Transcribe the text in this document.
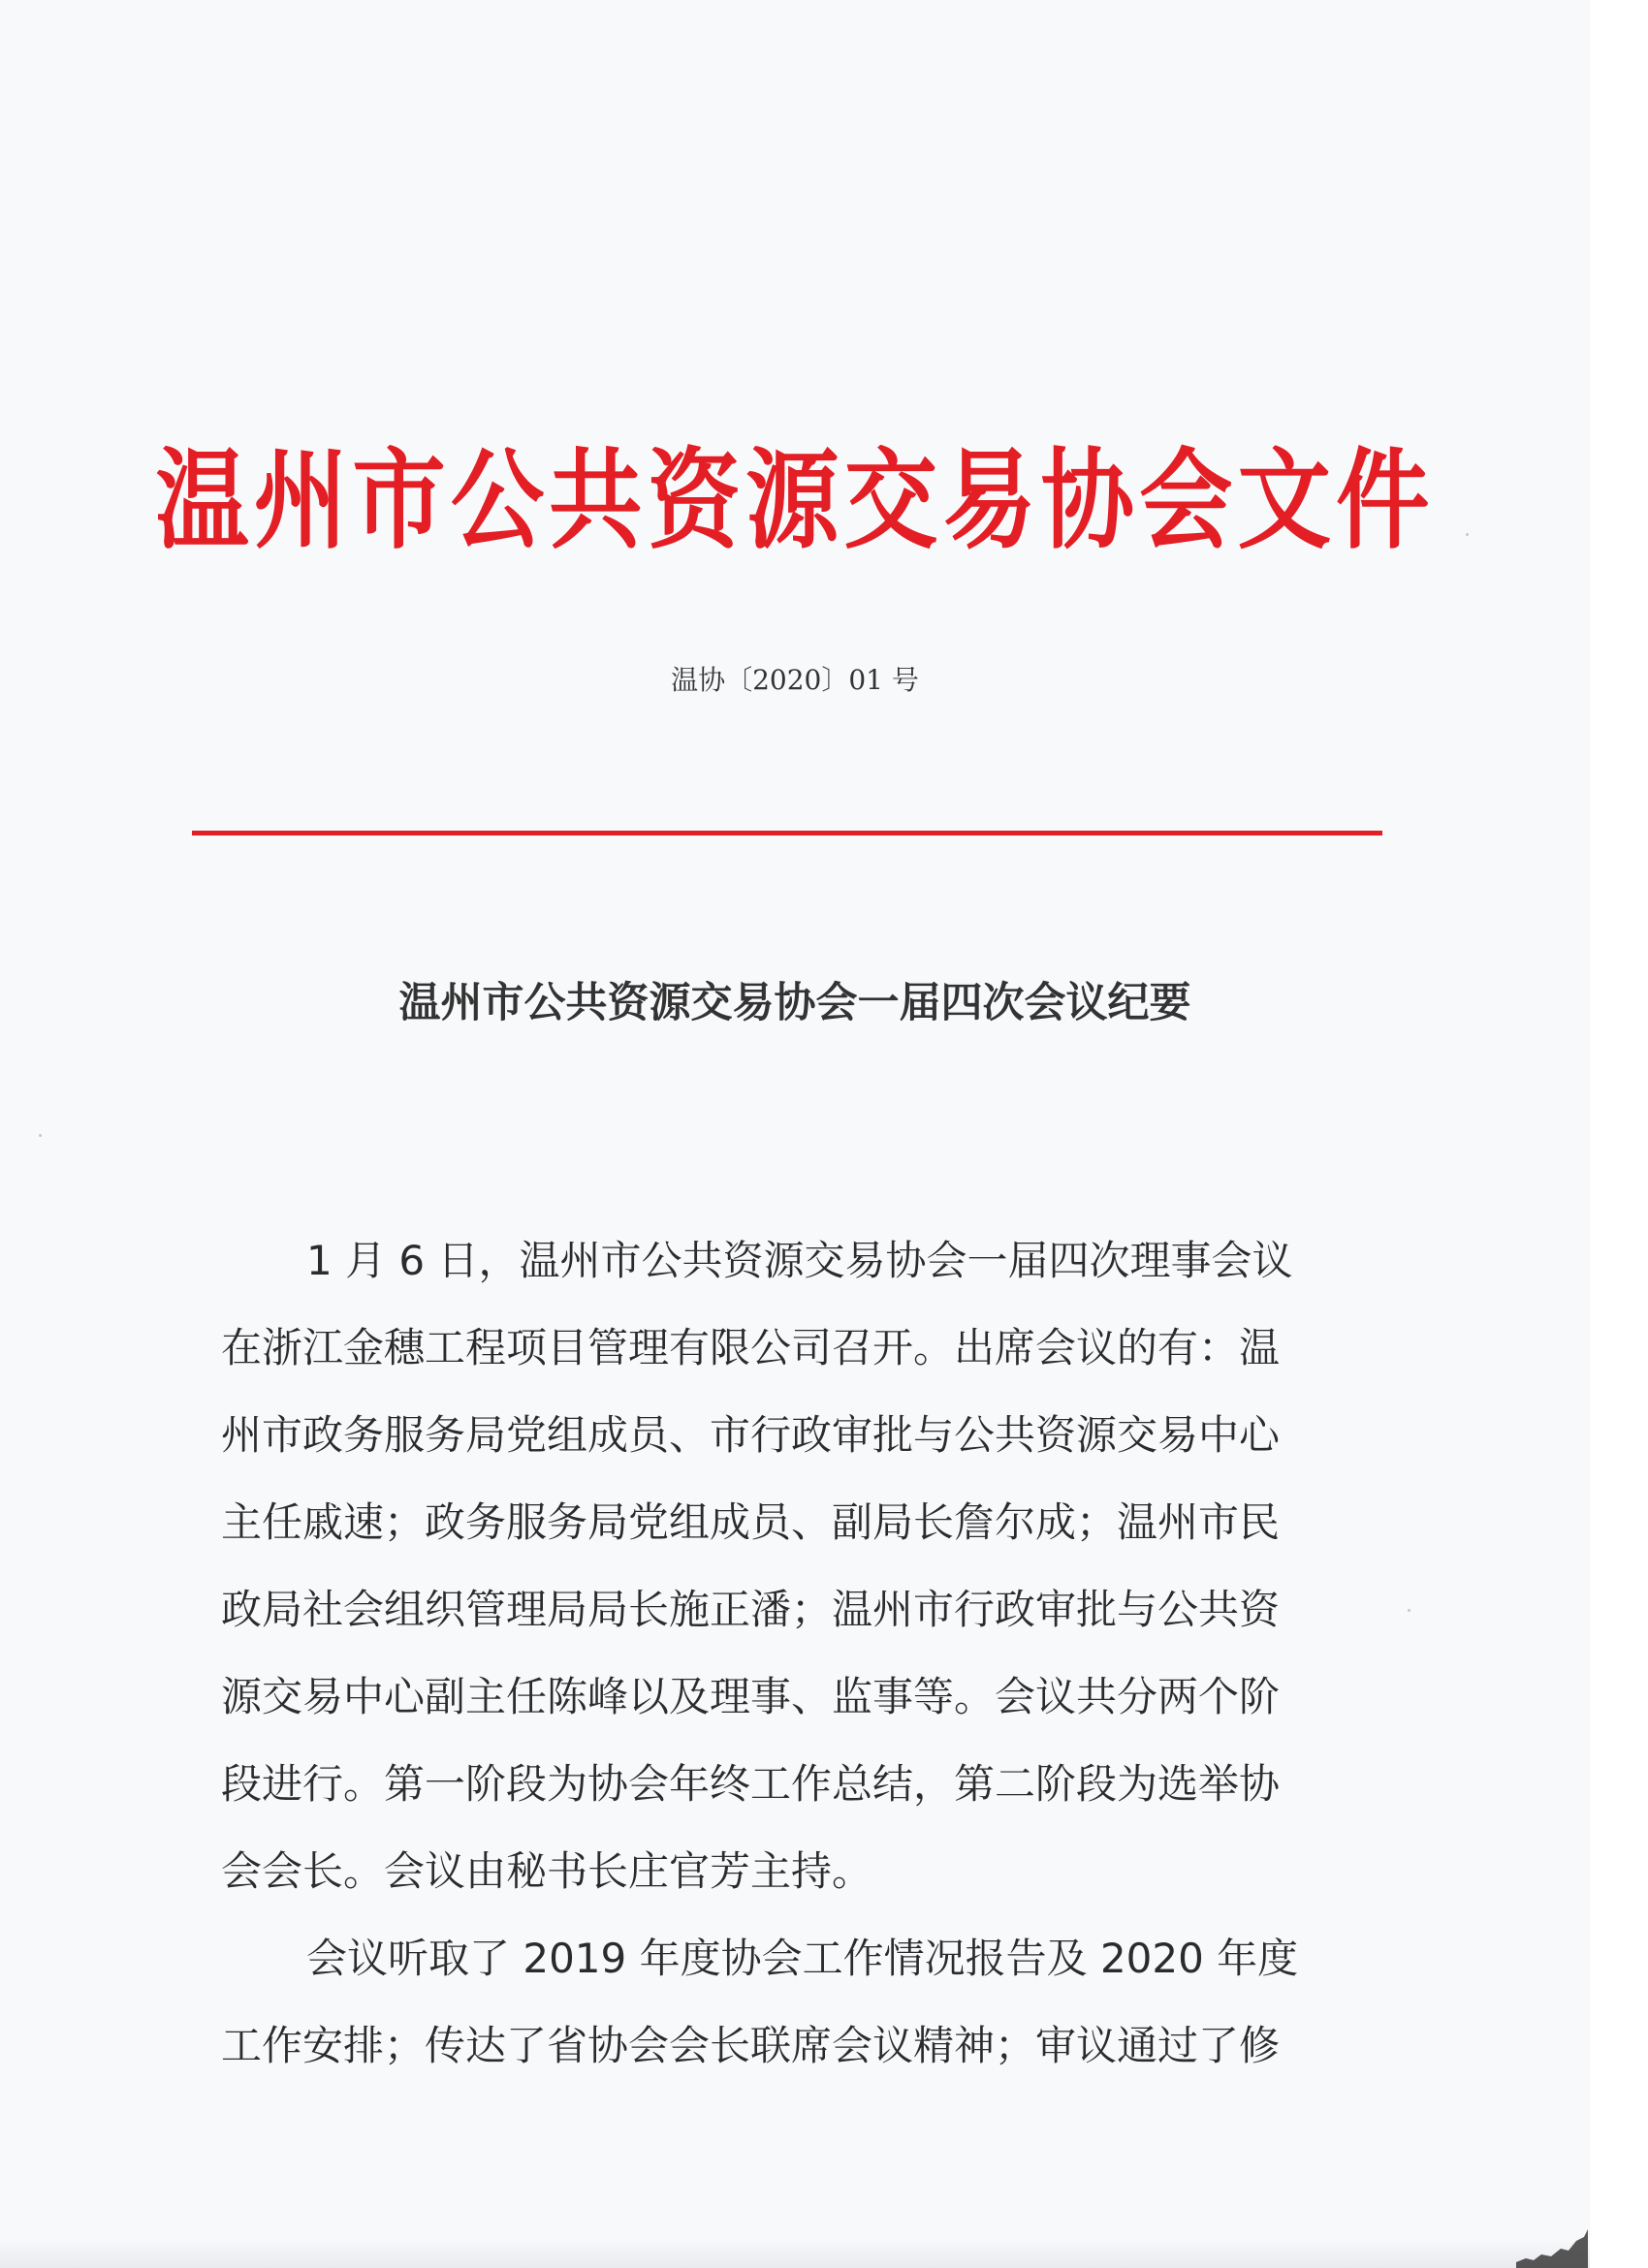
温州市公共资源交易协会文件
温协〔2020〕01 号
温州市公共资源交易协会一届四次会议纪要
1 月 6 日，温州市公共资源交易协会一届四次理事会议
在浙江金穗工程项目管理有限公司召开。出席会议的有：温
州市政务服务局党组成员、市行政审批与公共资源交易中心
主任戚速；政务服务局党组成员、副局长詹尔成；温州市民
政局社会组织管理局局长施正潘；温州市行政审批与公共资
源交易中心副主任陈峰以及理事、监事等。会议共分两个阶
段进行。第一阶段为协会年终工作总结，第二阶段为选举协
会会长。会议由秘书长庄官芳主持。
会议听取了 2019 年度协会工作情况报告及 2020 年度
工作安排；传达了省协会会长联席会议精神；审议通过了修
